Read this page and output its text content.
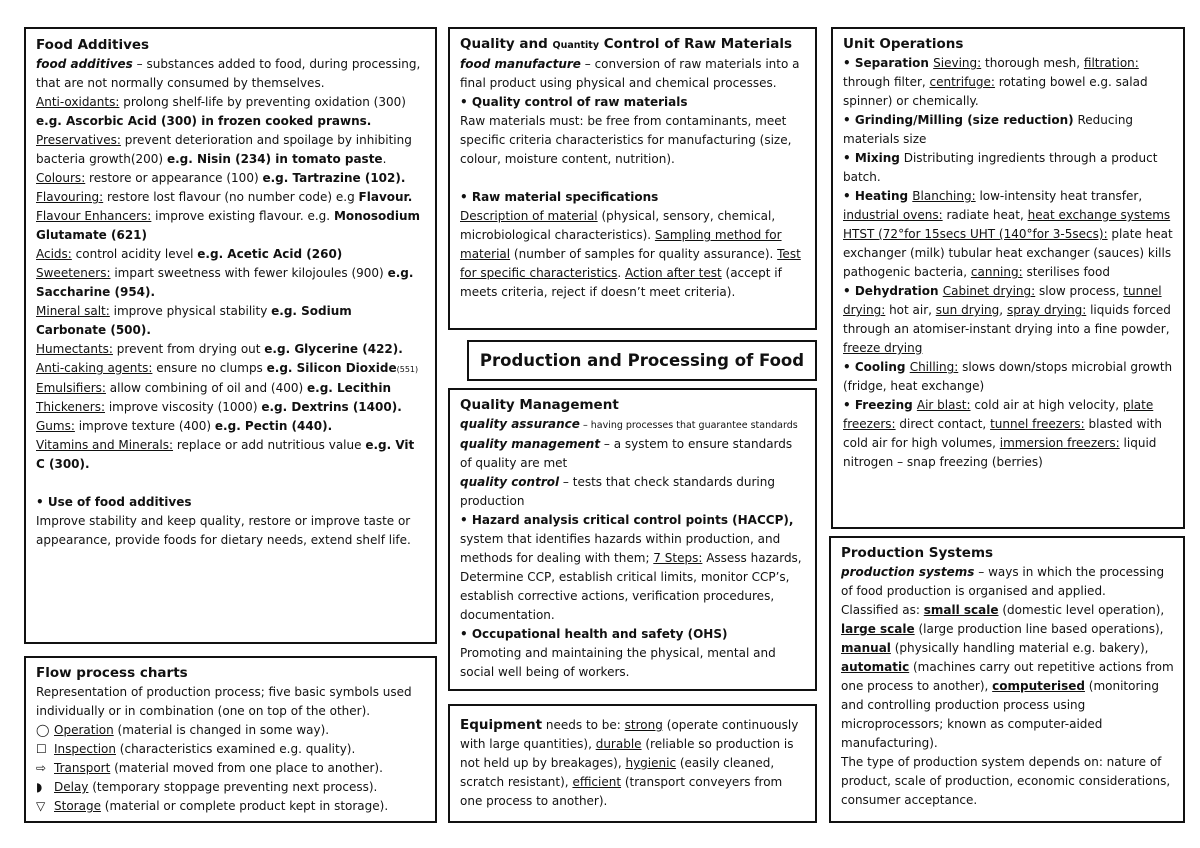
Food Additives

food additives – substances added to food, during processing, that are not normally consumed by themselves.

Anti-oxidants: prolong shelf-life by preventing oxidation (300) e.g. Ascorbic Acid (300) in frozen cooked prawns.

Preservatives: prevent deterioration and spoilage by inhibiting bacteria growth(200) e.g. Nisin (234) in tomato paste.

Colours: restore or appearance (100) e.g. Tartrazine (102).

Flavouring: restore lost flavour (no number code) e.g Flavour.

Flavour Enhancers: improve existing flavour. e.g. Monosodium Glutamate (621)

Acids: control acidity level e.g. Acetic Acid (260)

Sweeteners: impart sweetness with fewer kilojoules (900) e.g. Saccharine (954).

Mineral salt: improve physical stability e.g. Sodium Carbonate (500).

Humectants: prevent from drying out e.g. Glycerine (422).

Anti-caking agents: ensure no clumps e.g. Silicon Dioxide(551)

Emulsifiers: allow combining of oil and (400) e.g. Lecithin

Thickeners: improve viscosity (1000) e.g. Dextrins (1400).

Gums: improve texture (400) e.g. Pectin (440).

Vitamins and Minerals: replace or add nutritious value e.g. Vit C (300).

• Use of food additives

Improve stability and keep quality, restore or improve taste or appearance, provide foods for dietary needs, extend shelf life.

Flow process charts

Representation of production process; five basic symbols used individually or in combination (one on top of the other).

◯ Operation (material is changed in some way).

☐ Inspection (characteristics examined e.g. quality).

⇨ Transport (material moved from one place to another).

◗ Delay (temporary stoppage preventing next process).

▽ Storage (material or complete product kept in storage).

Quality and Quantity Control of Raw Materials

food manufacture – conversion of raw materials into a final product using physical and chemical processes.

• Quality control of raw materials

Raw materials must: be free from contaminants, meet specific criteria characteristics for manufacturing (size, colour, moisture content, nutrition).

• Raw material specifications

Description of material (physical, sensory, chemical, microbiological characteristics). Sampling method for material (number of samples for quality assurance). Test for specific characteristics. Action after test (accept if meets criteria, reject if doesn’t meet criteria).

Production and Processing of Food
Quality Management

quality assurance – having processes that guarantee standards

quality management – a system to ensure standards of quality are met

quality control – tests that check standards during production

• Hazard analysis critical control points (HACCP), system that identifies hazards within production, and methods for dealing with them; 7 Steps: Assess hazards, Determine CCP, establish critical limits, monitor CCP’s, establish corrective actions, verification procedures, documentation.

• Occupational health and safety (OHS)

Promoting and maintaining the physical, mental and social well being of workers.

Equipment needs to be: strong (operate continuously with large quantities), durable (reliable so production is not held up by breakages), hygienic (easily cleaned, scratch resistant), efficient (transport conveyers from one process to another).

Unit Operations

• Separation Sieving: thorough mesh, filtration: through filter, centrifuge: rotating bowel e.g. salad spinner) or chemically.

• Grinding/Milling (size reduction) Reducing materials size

• Mixing Distributing ingredients through a product batch.

• Heating Blanching: low-intensity heat transfer, industrial ovens: radiate heat, heat exchange systems HTST (72°for 15secs UHT (140°for 3-5secs): plate heat exchanger (milk) tubular heat exchanger (sauces) kills pathogenic bacteria, canning: sterilises food

• Dehydration Cabinet drying: slow process, tunnel drying: hot air, sun drying, spray drying: liquids forced through an atomiser-instant drying into a fine powder, freeze drying

• Cooling Chilling: slows down/stops microbial growth (fridge, heat exchange)

• Freezing Air blast: cold air at high velocity, plate freezers: direct contact, tunnel freezers: blasted with cold air for high volumes, immersion freezers: liquid nitrogen – snap freezing (berries)

Production Systems

production systems – ways in which the processing of food production is organised and applied.

Classified as: small scale (domestic level operation), large scale (large production line based operations), manual (physically handling material e.g. bakery), automatic (machines carry out repetitive actions from one process to another), computerised (monitoring and controlling production process using microprocessors; known as computer-aided manufacturing).

The type of production system depends on: nature of product, scale of production, economic considerations, consumer acceptance.
